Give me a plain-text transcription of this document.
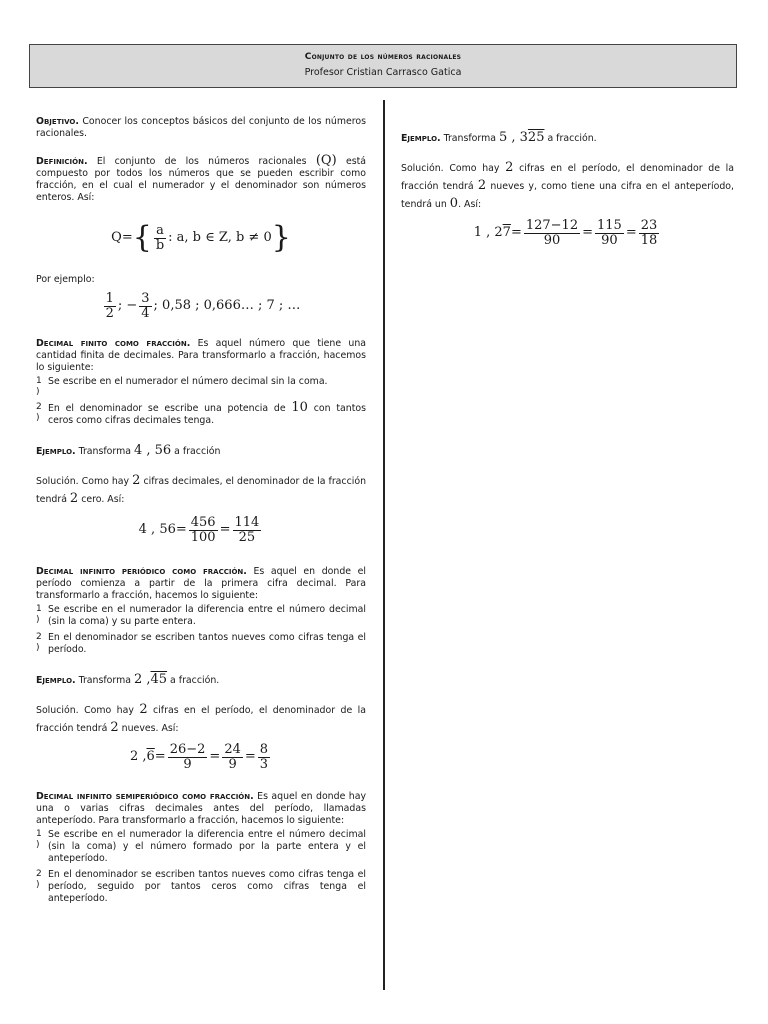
Conjunto de los números racionales
Profesor Cristian Carrasco Gatica

Objetivo. Conocer los conceptos básicos del conjunto de los números racionales.

Definición. El conjunto de los números racionales (Q) está compuesto por todos los números que se pueden escribir como fracción, en el cual el numerador y el denominador son números enteros. Así:

Q= { $\frac{a}{b}$ : a, b ∈ Z, b ≠ 0 }

Por ejemplo:

$\frac{1}{2}$ ; − $\frac{3}{4}$ ; 0,58 ; 0,666… ; 7 ; …

Decimal finito como fracción. Es aquel número que tiene una cantidad finita de decimales. Para transformarlo a fracción, hacemos lo siguiente:

1
)
Se escribe en el numerador el número decimal sin la coma.
2
)
En el denominador se escribe una potencia de 10 con tantos ceros como cifras decimales tenga.

Ejemplo. Transforma 4 , 56 a fracción

Solución. Como hay 2 cifras decimales, el denominador de la fracción tendrá 2 cero. Así:

4 , $56= \frac{456}{100} = \frac{114}{25}$

Decimal infinito periódico como fracción. Es aquel en donde el período comienza a partir de la primera cifra decimal. Para transformarlo a fracción, hacemos lo siguiente:

1
)
Se escribe en el numerador la diferencia entre el número decimal (sin la coma) y su parte entera.
2
)
En el denominador se escriben tantos nueves como cifras tenga el período.

Ejemplo. Transforma 2 ,45 a fracción.

Solución. Como hay 2 cifras en el período, el denominador de la fracción tendrá 2 nueves. Así:

2 $,6 = \frac{26-2}{9} = \frac{24}{9} = \frac{8}{3}$

Decimal infinito semiperiódico como fracción. Es aquel en donde hay una o varias cifras decimales antes del período, llamadas anteperíodo. Para transformarlo a fracción, hacemos lo siguiente:

1
)
Se escribe en el numerador la diferencia entre el número decimal (sin la coma) y el número formado por la parte entera y el anteperíodo.
2
)
En el denominador se escriben tantos nueves como cifras tenga el período, seguido por tantos ceros como cifras tenga el anteperíodo.

Ejemplo. Transforma 5 , 325 a fracción.

Solución. Como hay 2 cifras en el período, el denominador de la fracción tendrá 2 nueves y, como tiene una cifra en el anteperíodo, tendrá un 0. Así:

1 , $27 = \frac{127-12}{90} = \frac{115}{90} = \frac{23}{18}$
